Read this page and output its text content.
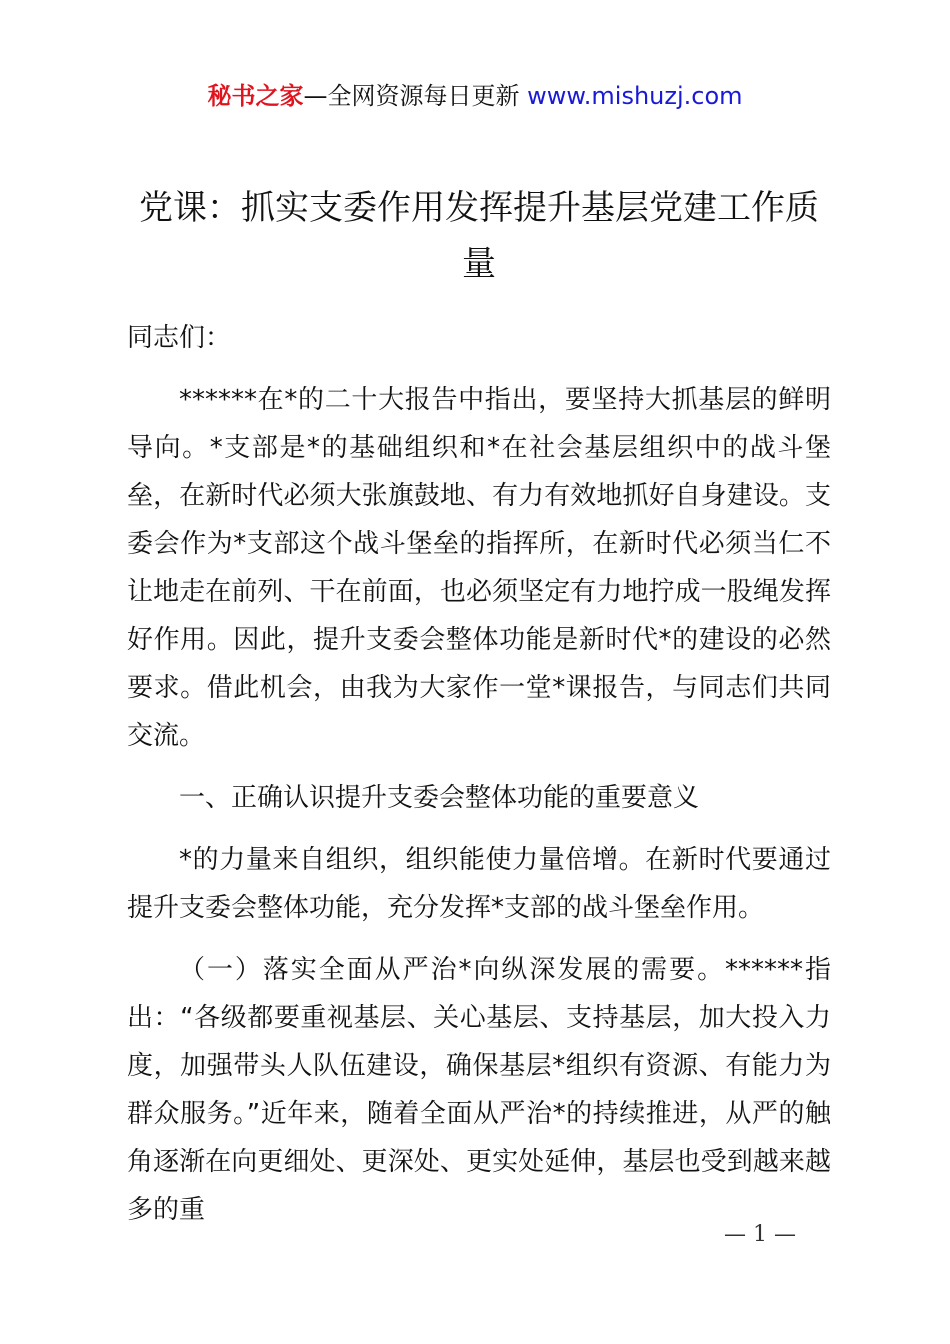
秘书之家—全网资源每日更新 www.mishuzj.com
党课：抓实支委作用发挥提升基层党建工作质量

同志们：

******在*的二十大报告中指出，要坚持大抓基层的鲜明导向。*支部是*的基础组织和*在社会基层组织中的战斗堡垒，在新时代必须大张旗鼓地、有力有效地抓好自身建设。支委会作为*支部这个战斗堡垒的指挥所，在新时代必须当仁不让地走在前列、干在前面，也必须坚定有力地拧成一股绳发挥好作用。因此，提升支委会整体功能是新时代*的建设的必然要求。借此机会，由我为大家作一堂*课报告，与同志们共同交流。

一、正确认识提升支委会整体功能的重要意义

*的力量来自组织，组织能使力量倍增。在新时代要通过提升支委会整体功能，充分发挥*支部的战斗堡垒作用。

（一）落实全面从严治*向纵深发展的需要。******指出：“各级都要重视基层、关心基层、支持基层，加大投入力度，加强带头人队伍建设，确保基层*组织有资源、有能力为群众服务。”近年来，随着全面从严治*的持续推进，从严的触角逐渐在向更细处、更深处、更实处延伸，基层也受到越来越多的重

— 1 —
